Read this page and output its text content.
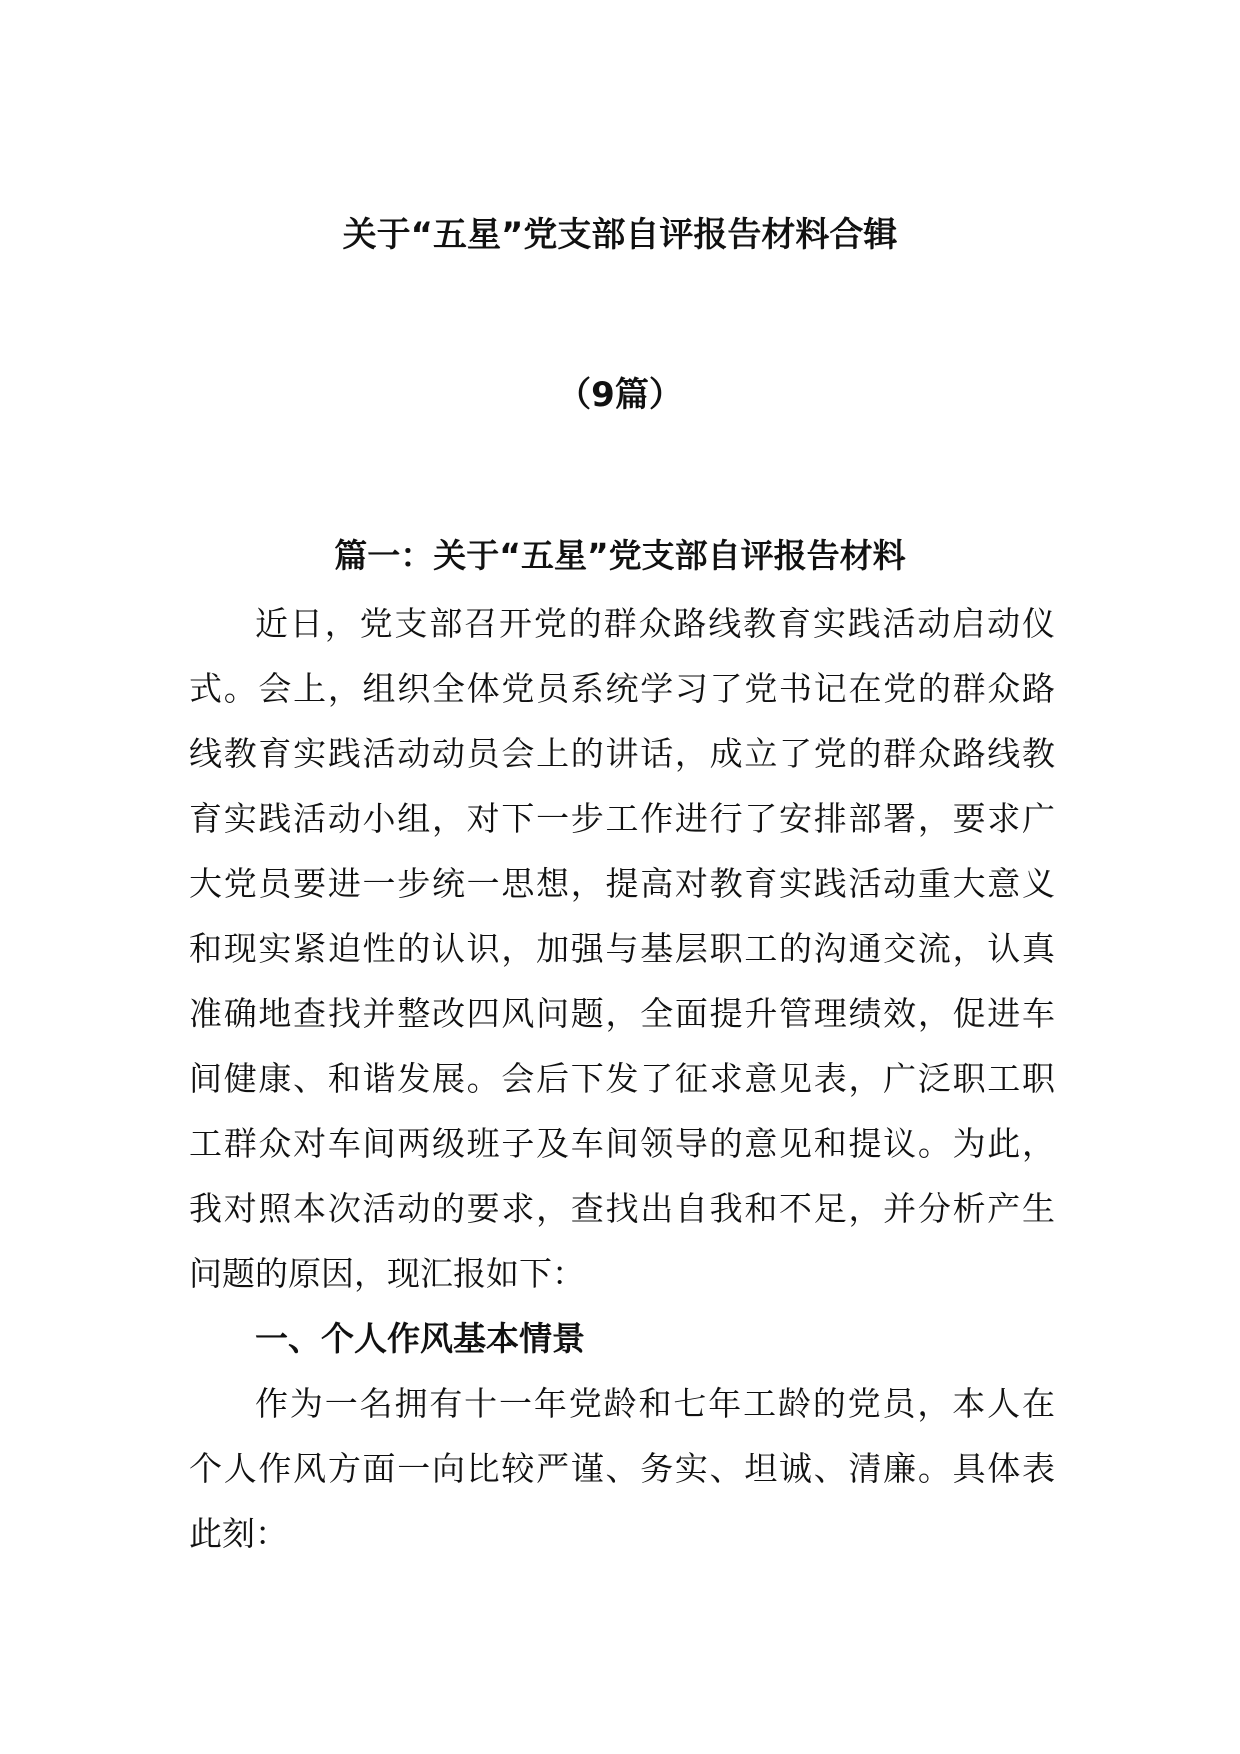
关于“五星”党支部自评报告材料合辑
（9篇）
篇一：关于“五星”党支部自评报告材料
近日，党支部召开党的群众路线教育实践活动启动仪
式。会上，组织全体党员系统学习了党书记在党的群众路
线教育实践活动动员会上的讲话，成立了党的群众路线教
育实践活动小组，对下一步工作进行了安排部署，要求广
大党员要进一步统一思想，提高对教育实践活动重大意义
和现实紧迫性的认识，加强与基层职工的沟通交流，认真
准确地查找并整改四风问题，全面提升管理绩效，促进车
间健康、和谐发展。会后下发了征求意见表，广泛职工职
工群众对车间两级班子及车间领导的意见和提议。为此，
我对照本次活动的要求，查找出自我和不足，并分析产生
问题的原因，现汇报如下：
一、个人作风基本情景
作为一名拥有十一年党龄和七年工龄的党员，本人在
个人作风方面一向比较严谨、务实、坦诚、清廉。具体表
此刻：
